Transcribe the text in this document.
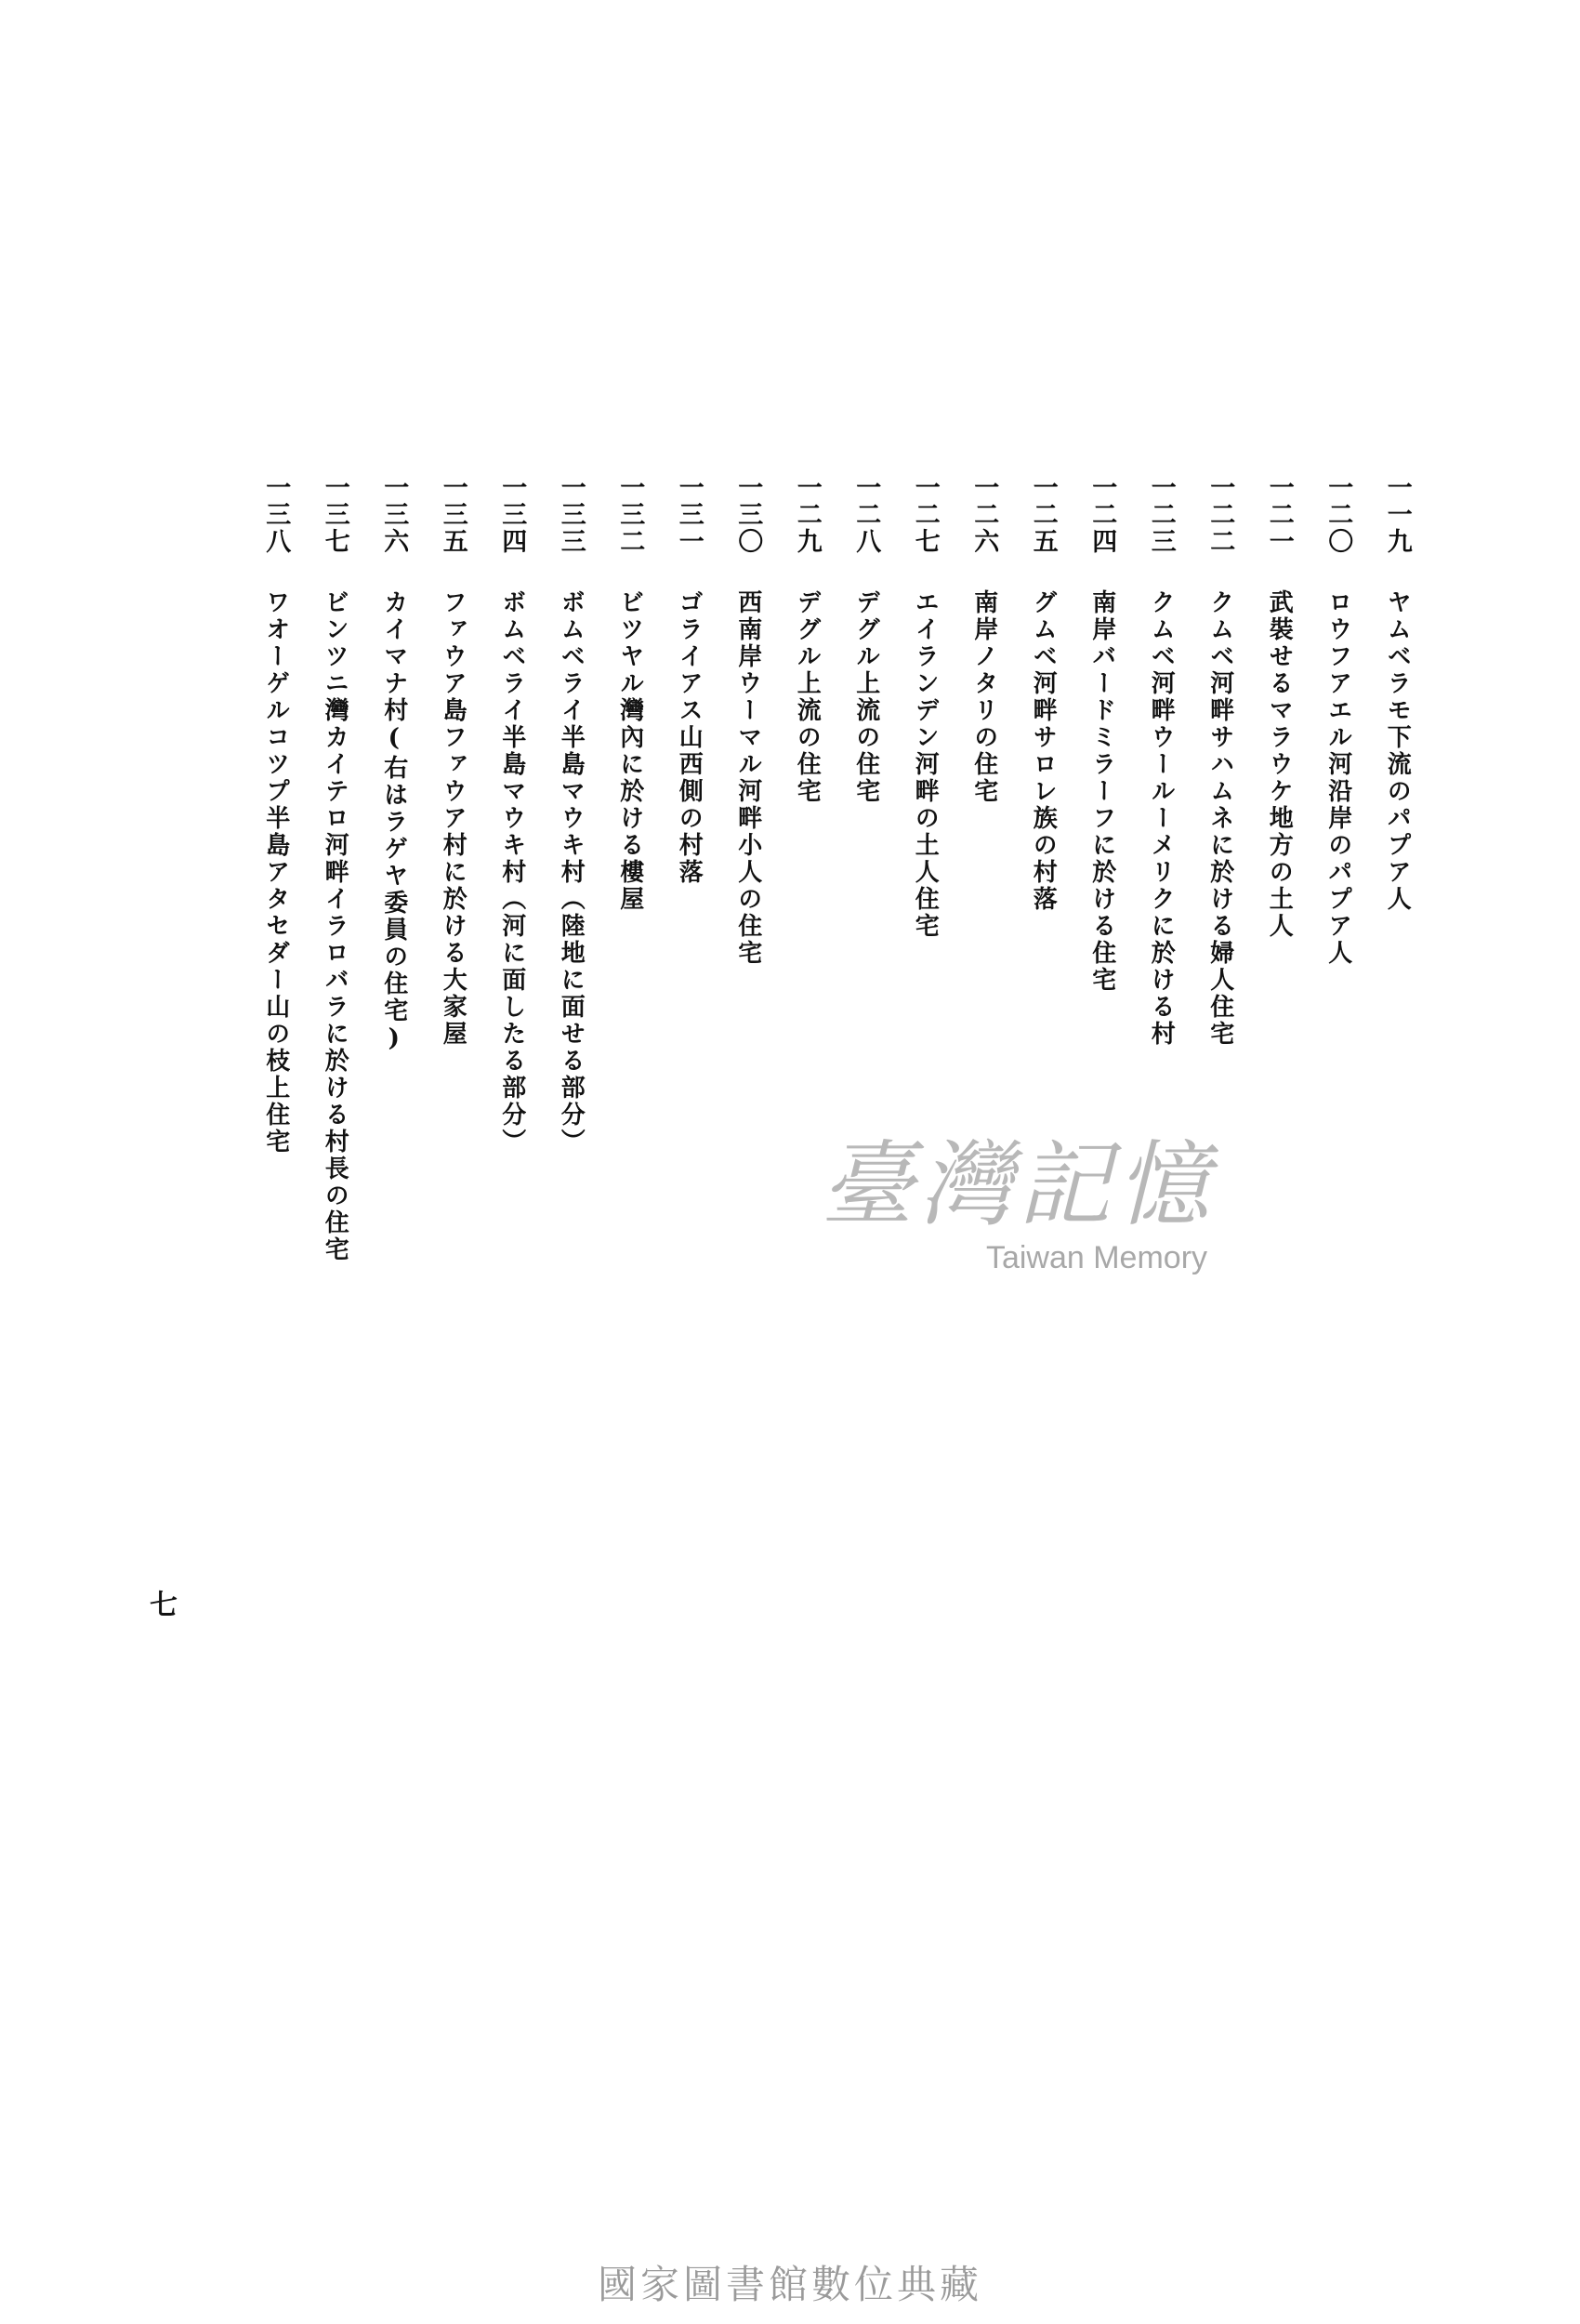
一一九
ヤムベラモ下流のパプア人
一二〇
ロウフアエル河沿岸のパプア人
一二一
武裝せるマラウケ地方の土人
一二二
クムベ河畔サハムネに於ける婦人住宅
一二三
クムベ河畔ウールーメリクに於ける村
一二四
南岸バードミラーフに於ける住宅
一二五
グムベ河畔サロレ族の村落
一二六
南岸ノタリの住宅
一二七
エイランデン河畔の土人住宅
一二八
デグル上流の住宅
一二九
デグル上流の住宅
一三〇
西南岸ウーマル河畔小人の住宅
一三一
ゴライアス山西側の村落
一三二
ビツヤル灣內に於ける樓屋
一三三
ボムベライ半島マウキ村（陸地に面せる部分）
一三四
ボムベライ半島マウキ村（河に面したる部分）
一三五
ファウア島ファウア村に於ける大家屋
一三六
カイマナ村(右はラゲヤ委員の住宅)
一三七
ビンツニ灣カイテロ河畔イラロバラに於ける村長の住宅
一三八
ワオーゲルコツプ半島アタセダー山の枝上住宅
七
臺灣記憶
Taiwan Memory
國家圖書館數位典藏
